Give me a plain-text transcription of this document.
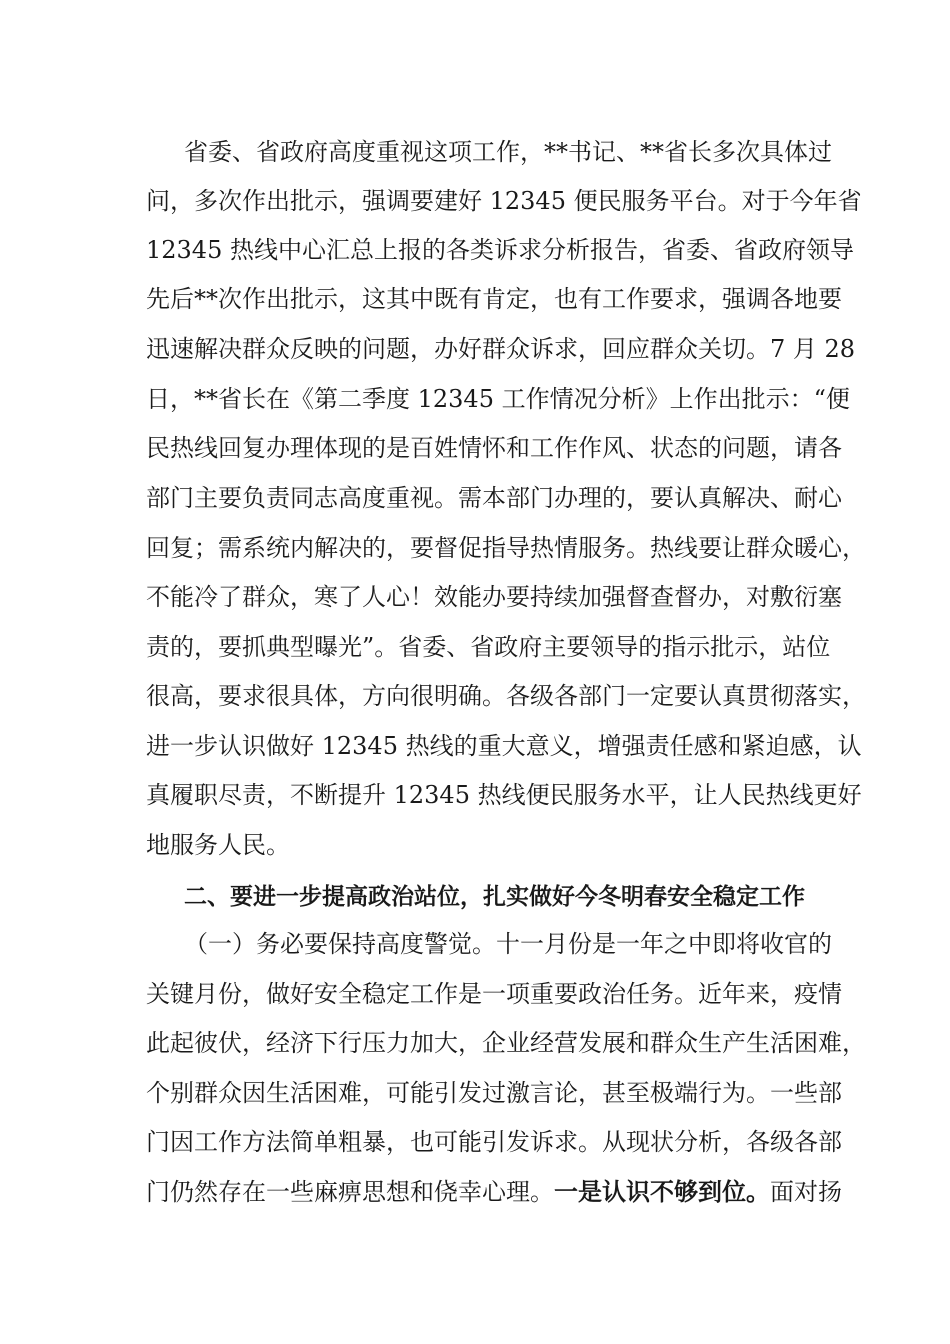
省委、省政府高度重视这项工作，**书记、**省长多次具体过
问，多次作出批示，强调要建好 12345 便民服务平台。对于今年省
12345 热线中心汇总上报的各类诉求分析报告，省委、省政府领导
先后**次作出批示，这其中既有肯定，也有工作要求，强调各地要
迅速解决群众反映的问题，办好群众诉求，回应群众关切。7 月 28
日，**省长在《第二季度 12345 工作情况分析》上作出批示：“便
民热线回复办理体现的是百姓情怀和工作作风、状态的问题，请各
部门主要负责同志高度重视。需本部门办理的，要认真解决、耐心
回复；需系统内解决的，要督促指导热情服务。热线要让群众暖心，
不能冷了群众，寒了人心！效能办要持续加强督查督办，对敷衍塞
责的，要抓典型曝光”。省委、省政府主要领导的指示批示，站位
很高，要求很具体，方向很明确。各级各部门一定要认真贯彻落实，
进一步认识做好 12345 热线的重大意义，增强责任感和紧迫感，认
真履职尽责，不断提升 12345 热线便民服务水平，让人民热线更好
地服务人民。
二、要进一步提高政治站位，扎实做好今冬明春安全稳定工作
（一）务必要保持高度警觉。十一月份是一年之中即将收官的
关键月份，做好安全稳定工作是一项重要政治任务。近年来，疫情
此起彼伏，经济下行压力加大，企业经营发展和群众生产生活困难，
个别群众因生活困难，可能引发过激言论，甚至极端行为。一些部
门因工作方法简单粗暴，也可能引发诉求。从现状分析，各级各部
门仍然存在一些麻痹思想和侥幸心理。一是认识不够到位。面对扬
